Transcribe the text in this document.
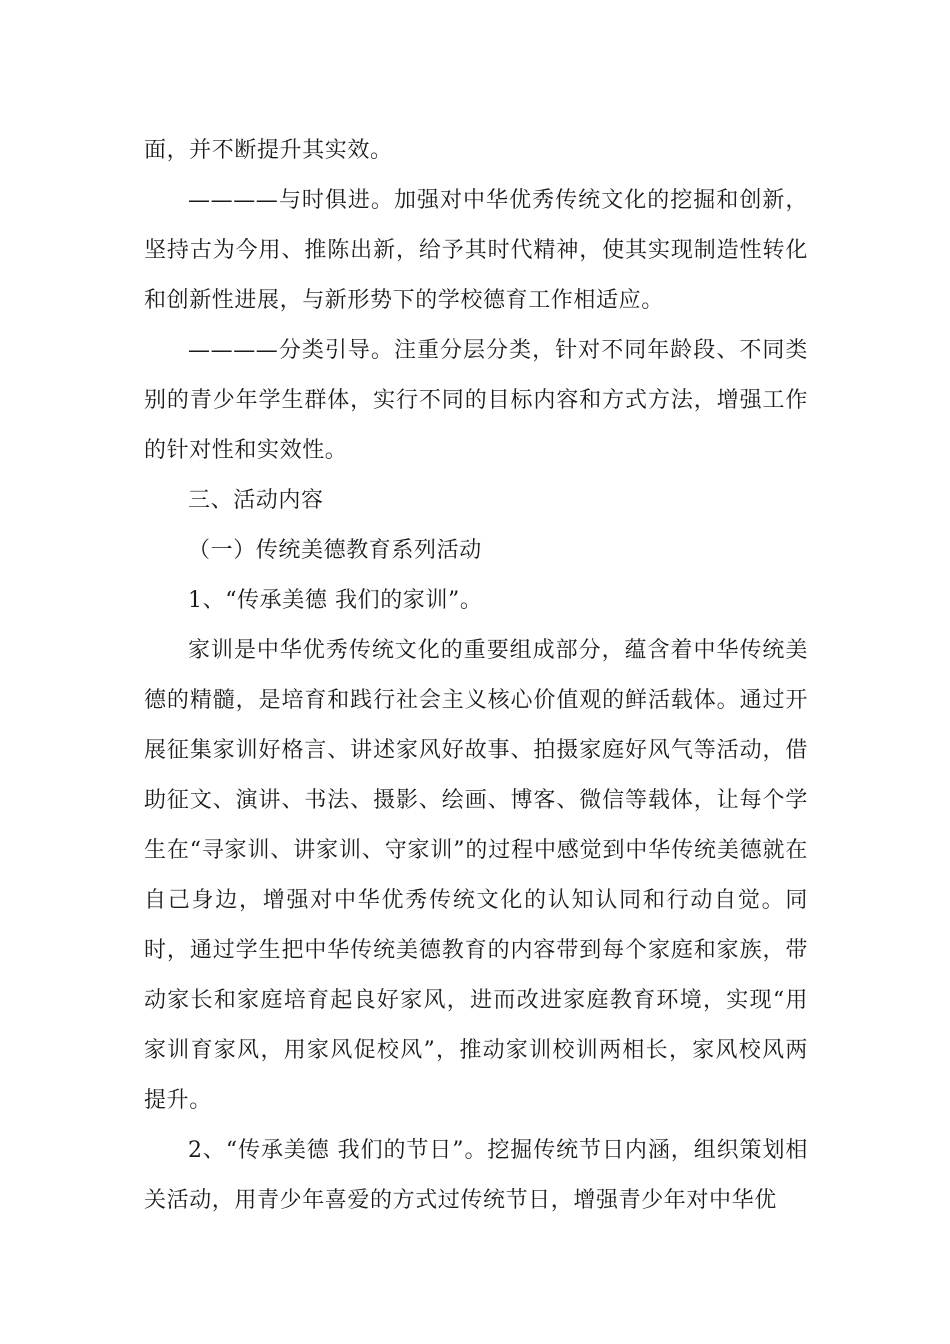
面，并不断提升其实效。

————与时俱进。加强对中华优秀传统文化的挖掘和创新，坚持古为今用、推陈出新，给予其时代精神，使其实现制造性转化和创新性进展，与新形势下的学校德育工作相适应。

————分类引导。注重分层分类，针对不同年龄段、不同类别的青少年学生群体，实行不同的目标内容和方式方法，增强工作的针对性和实效性。

三、活动内容

（一）传统美德教育系列活动

1、“传承美德 我们的家训”。

家训是中华优秀传统文化的重要组成部分，蕴含着中华传统美德的精髓，是培育和践行社会主义核心价值观的鲜活载体。通过开展征集家训好格言、讲述家风好故事、拍摄家庭好风气等活动，借助征文、演讲、书法、摄影、绘画、博客、微信等载体，让每个学生在“寻家训、讲家训、守家训”的过程中感觉到中华传统美德就在自己身边，增强对中华优秀传统文化的认知认同和行动自觉。同时，通过学生把中华传统美德教育的内容带到每个家庭和家族，带动家长和家庭培育起良好家风，进而改进家庭教育环境，实现“用家训育家风，用家风促校风”，推动家训校训两相长，家风校风两提升。

2、“传承美德 我们的节日”。挖掘传统节日内涵，组织策划相关活动，用青少年喜爱的方式过传统节日，增强青少年对中华优
